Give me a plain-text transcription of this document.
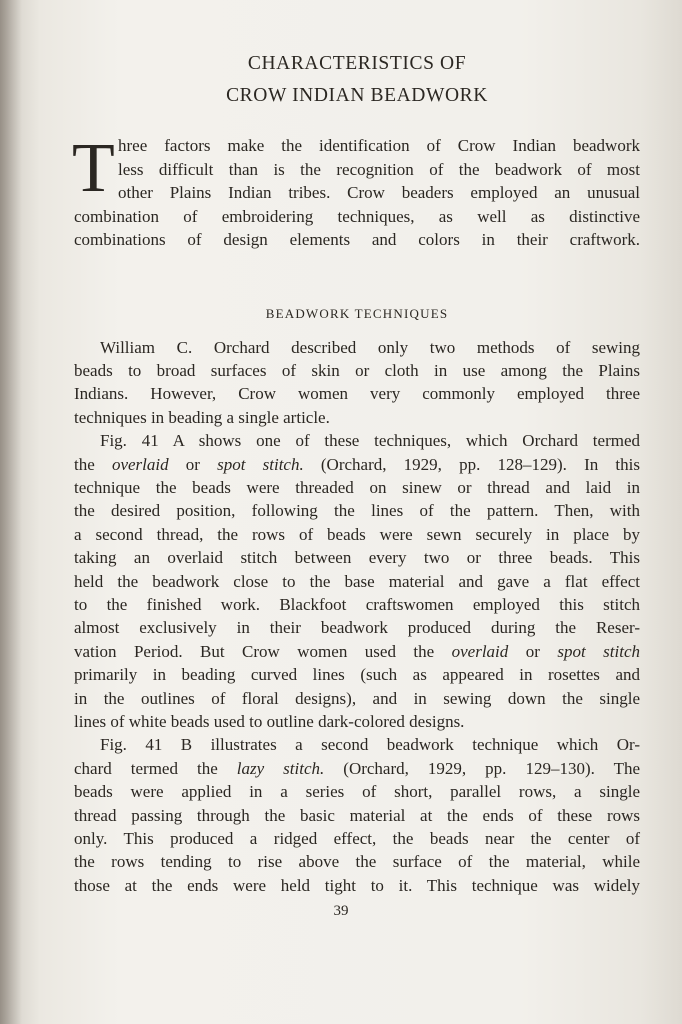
CHARACTERISTICS OF
CROW INDIAN BEADWORK
T hree factors make the identification of Crow Indian beadwork
less difficult than is the recognition of the beadwork of most
other Plains Indian tribes. Crow beaders employed an unusual
combination of embroidering techniques, as well as distinctive
combinations of design elements and colors in their craftwork.
BEADWORK TECHNIQUES
William C. Orchard described only two methods of sewing
beads to broad surfaces of skin or cloth in use among the Plains
Indians. However, Crow women very commonly employed three
techniques in beading a single article.
Fig. 41 A shows one of these techniques, which Orchard termed
the overlaid or spot stitch. (Orchard, 1929, pp. 128–129). In this
technique the beads were threaded on sinew or thread and laid in
the desired position, following the lines of the pattern. Then, with
a second thread, the rows of beads were sewn securely in place by
taking an overlaid stitch between every two or three beads. This
held the beadwork close to the base material and gave a flat effect
to the finished work. Blackfoot craftswomen employed this stitch
almost exclusively in their beadwork produced during the Reser-
vation Period. But Crow women used the overlaid or spot stitch
primarily in beading curved lines (such as appeared in rosettes and
in the outlines of floral designs), and in sewing down the single
lines of white beads used to outline dark-colored designs.
Fig. 41 B illustrates a second beadwork technique which Or-
chard termed the lazy stitch. (Orchard, 1929, pp. 129–130). The
beads were applied in a series of short, parallel rows, a single
thread passing through the basic material at the ends of these rows
only. This produced a ridged effect, the beads near the center of
the rows tending to rise above the surface of the material, while
those at the ends were held tight to it. This technique was widely
39
